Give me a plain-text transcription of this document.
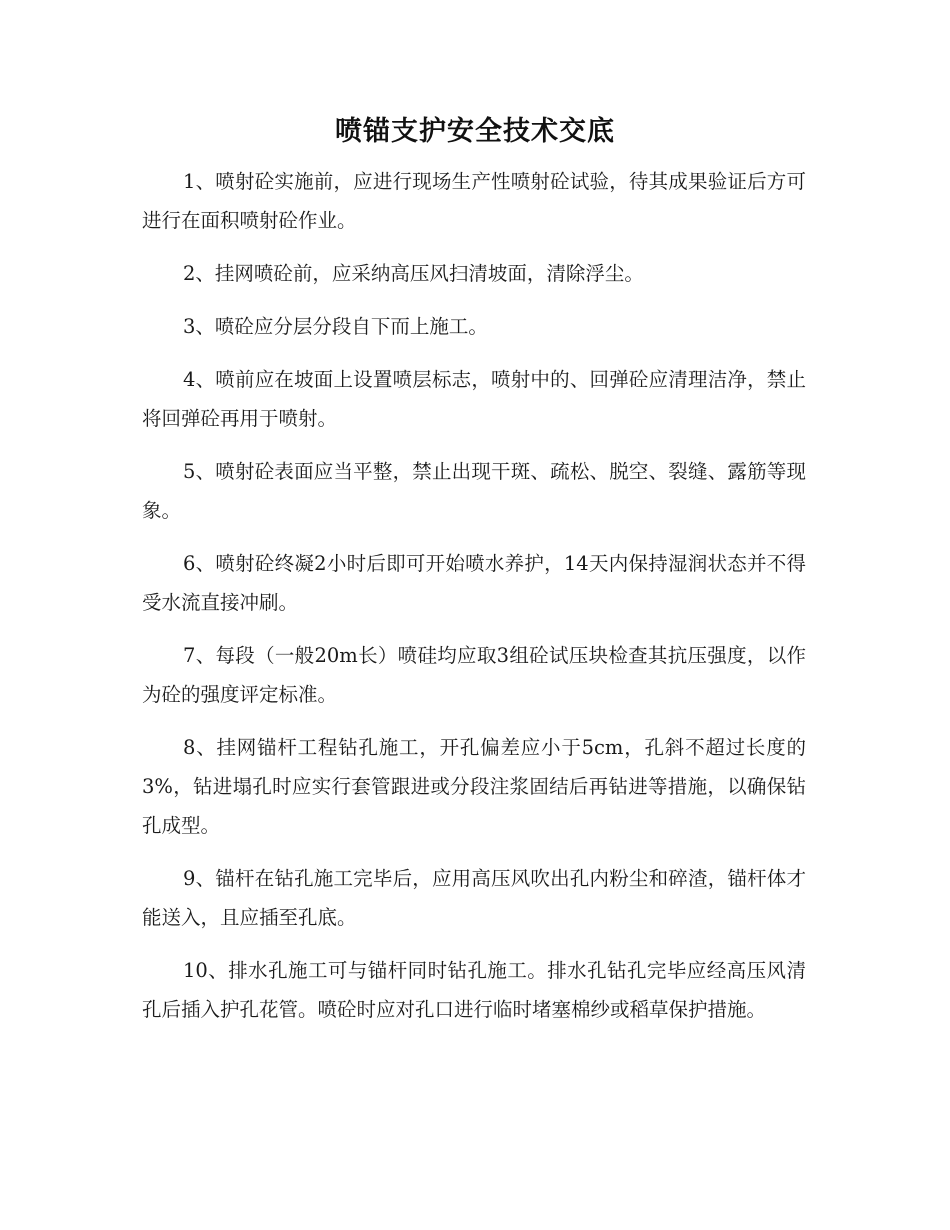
喷锚支护安全技术交底

1、喷射砼实施前，应进行现场生产性喷射砼试验，待其成果验证后方可进行在面积喷射砼作业。

2、挂网喷砼前，应采纳高压风扫清坡面，清除浮尘。

3、喷砼应分层分段自下而上施工。

4、喷前应在坡面上设置喷层标志，喷射中的、回弹砼应清理洁净，禁止将回弹砼再用于喷射。

5、喷射砼表面应当平整，禁止出现干斑、疏松、脱空、裂缝、露筋等现象。

6、喷射砼终凝2小时后即可开始喷水养护，14天内保持湿润状态并不得受水流直接冲刷。

7、每段（一般20m长）喷硅均应取3组砼试压块检查其抗压强度，以作为砼的强度评定标准。

8、挂网锚杆工程钻孔施工，开孔偏差应小于5cm，孔斜不超过长度的3%，钻进塌孔时应实行套管跟进或分段注浆固结后再钻进等措施，以确保钻孔成型。

9、锚杆在钻孔施工完毕后，应用高压风吹出孔内粉尘和碎渣，锚杆体才能送入，且应插至孔底。

10、排水孔施工可与锚杆同时钻孔施工。排水孔钻孔完毕应经高压风清孔后插入护孔花管。喷砼时应对孔口进行临时堵塞棉纱或稻草保护措施。
